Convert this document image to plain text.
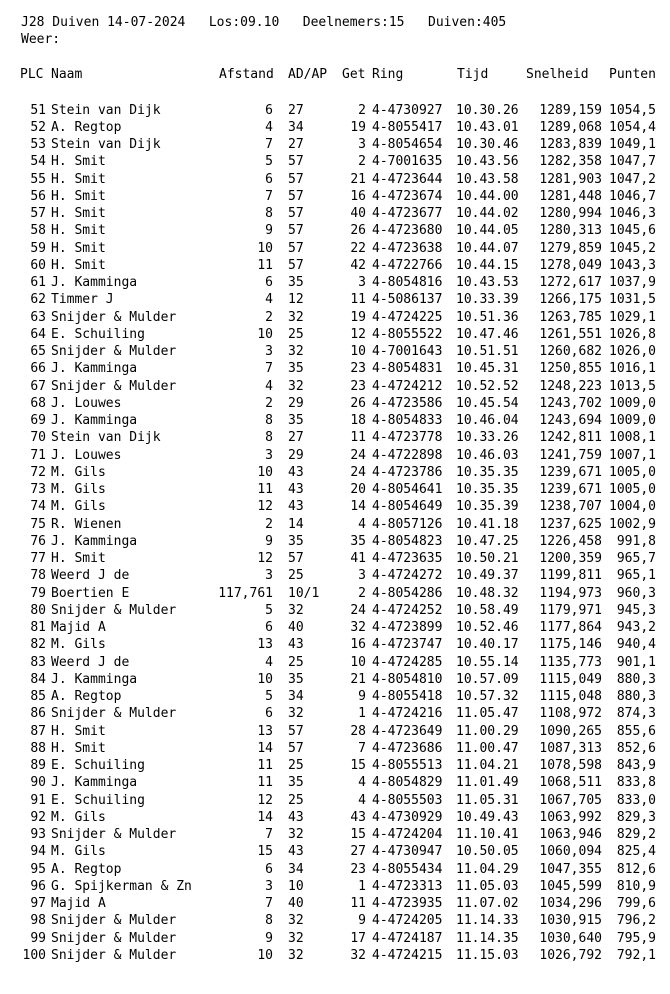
J28 Duiven 14-07-2024   Los:09.10   Deelnemers:15   Duiven:405
Weer:
PLC Naam	Afstand AD/AP Get Ring	Tijd	Snelheid Punten
51 Stein van Dijk	6 27	2 4-4730927 10.30.26	1289,159 1054,5
52 A. Regtop	4 34	19 4-8055417 10.43.01	1289,068 1054,4
53 Stein van Dijk	7 27	3 4-8054654 10.30.46	1283,839 1049,1
54 H. Smit	5 57	2 4-7001635 10.43.56	1282,358 1047,7
55 H. Smit	6 57	21 4-4723644 10.43.58	1281,903 1047,2
56 H. Smit	7 57	16 4-4723674 10.44.00	1281,448 1046,7
57 H. Smit	8 57	40 4-4723677 10.44.02	1280,994 1046,3
58 H. Smit	9 57	26 4-4723680 10.44.05	1280,313 1045,6
59 H. Smit	10 57	22 4-4723638 10.44.07	1279,859 1045,2
60 H. Smit	11 57	42 4-4722766 10.44.15	1278,049 1043,3
61 J. Kamminga	6 35	3 4-8054816 10.43.53	1272,617 1037,9
62 Timmer J	4 12	11 4-5086137 10.33.39	1266,175 1031,5
63 Snijder & Mulder	2 32	19 4-4724225 10.51.36	1263,785 1029,1
64 E. Schuiling	10 25	12 4-8055522 10.47.46	1261,551 1026,8
65 Snijder & Mulder	3 32	10 4-7001643 10.51.51	1260,682 1026,0
66 J. Kamminga	7 35	23 4-8054831 10.45.31	1250,855 1016,1
67 Snijder & Mulder	4 32	23 4-4724212 10.52.52	1248,223 1013,5
68 J. Louwes	2 29	26 4-4723586 10.45.54	1243,702 1009,0
69 J. Kamminga	8 35	18 4-8054833 10.46.04	1243,694 1009,0
70 Stein van Dijk	8 27	11 4-4723778 10.33.26	1242,811 1008,1
71 J. Louwes	3 29	24 4-4722898 10.46.03	1241,759 1007,1
72 M. Gils	10 43	24 4-4723786 10.35.35	1239,671 1005,0
73 M. Gils	11 43	20 4-8054641 10.35.35	1239,671 1005,0
74 M. Gils	12 43	14 4-8054649 10.35.39	1238,707 1004,0
75 R. Wienen	2 14	4 4-8057126 10.41.18	1237,625 1002,9
76 J. Kamminga	9 35	35 4-8054823 10.47.25	1226,458	991,8
77 H. Smit	12 57	41 4-4723635 10.50.21	1200,359	965,7
78 Weerd J de	3 25	3 4-4724272 10.49.37	1199,811	965,1
79 Boertien E	117,761 10/1	2 4-8054286 10.48.32	1194,973	960,3
80 Snijder & Mulder	5 32	24 4-4724252 10.58.49	1179,971	945,3
81 Majid A	6 40	32 4-4723899 10.52.46	1177,864	943,2
82 M. Gils	13 43	16 4-4723747 10.40.17	1175,146	940,4
83 Weerd J de	4 25	10 4-4724285 10.55.14	1135,773	901,1
84 J. Kamminga	10 35	21 4-8054810 10.57.09	1115,049	880,3
85 A. Regtop	5 34	9 4-8055418 10.57.32	1115,048	880,3
86 Snijder & Mulder	6 32	1 4-4724216 11.05.47	1108,972	874,3
87 H. Smit	13 57	28 4-4723649 11.00.29	1090,265	855,6
88 H. Smit	14 57	7 4-4723686 11.00.47	1087,313	852,6
89 E. Schuiling	11 25	15 4-8055513 11.04.21	1078,598	843,9
90 J. Kamminga	11 35	4 4-8054829 11.01.49	1068,511	833,8
91 E. Schuiling	12 25	4 4-8055503 11.05.31	1067,705	833,0
92 M. Gils	14 43	43 4-4730929 10.49.43	1063,992	829,3
93 Snijder & Mulder	7 32	15 4-4724204 11.10.41	1063,946	829,2
94 M. Gils	15 43	27 4-4730947 10.50.05	1060,094	825,4
95 A. Regtop	6 34	23 4-8055434 11.04.29	1047,355	812,6
96 G. Spijkerman & Zn	3 10	1 4-4723313 11.05.03	1045,599	810,9
97 Majid A	7 40	11 4-4723935 11.07.02	1034,296	799,6
98 Snijder & Mulder	8 32	9 4-4724205 11.14.33	1030,915	796,2
99 Snijder & Mulder	9 32	17 4-4724187 11.14.35	1030,640	795,9
100 Snijder & Mulder	10 32	32 4-4724215 11.15.03	1026,792	792,1
